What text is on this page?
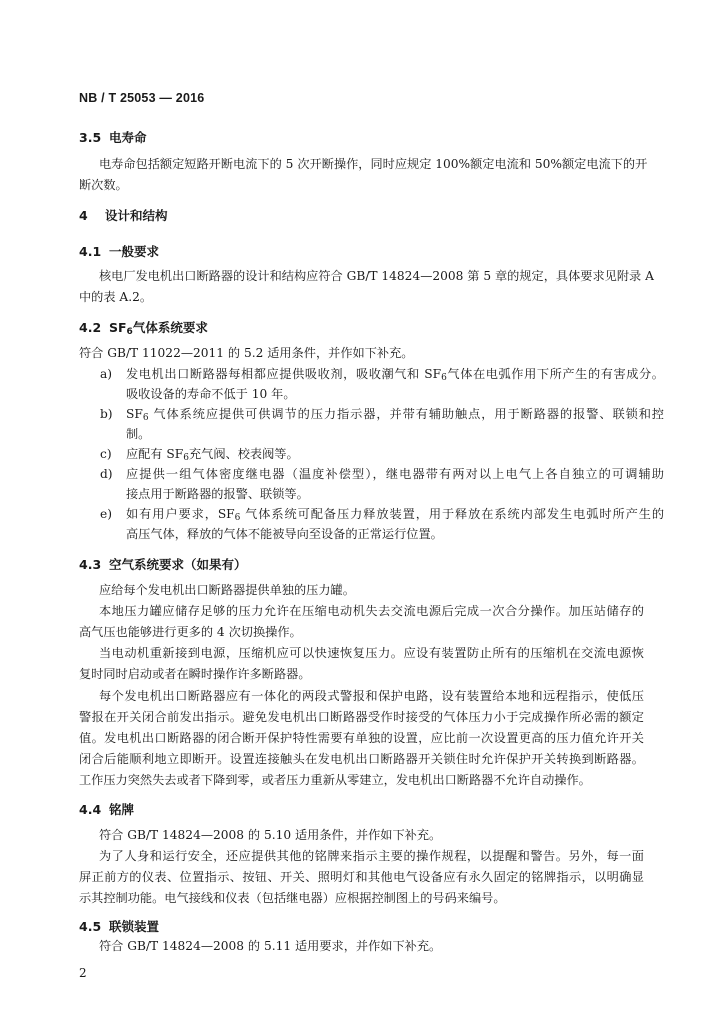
NB / T 25053 — 2016
3.5 电寿命
电寿命包括额定短路开断电流下的 5 次开断操作，同时应规定 100%额定电流和 50%额定电流下的开
断次数。
4 设计和结构
4.1 一般要求
核电厂发电机出口断路器的设计和结构应符合 GB/T 14824—2008 第 5 章的规定，具体要求见附录 A
中的表 A.2。
4.2 $SF_6$气体系统要求
符合 GB/T 11022—2011 的 5.2 适用条件，并作如下补充。
a) 发电机出口断路器每相都应提供吸收剂，吸收潮气和 $SF_6$气体在电弧作用下所产生的有害成分。
吸收设备的寿命不低于 10 年。
b) $SF_6$ 气体系统应提供可供调节的压力指示器，并带有辅助触点，用于断路器的报警、联锁和控
制。
c) 应配有 $SF_6$充气阀、校表阀等。
d) 应提供一组气体密度继电器（温度补偿型），继电器带有两对以上电气上各自独立的可调辅助
接点用于断路器的报警、联锁等。
e) 如有用户要求，$SF_6$ 气体系统可配备压力释放装置，用于释放在系统内部发生电弧时所产生的
高压气体，释放的气体不能被导向至设备的正常运行位置。
4.3 空气系统要求（如果有）
应给每个发电机出口断路器提供单独的压力罐。
本地压力罐应储存足够的压力允许在压缩电动机失去交流电源后完成一次合分操作。加压站储存的
高气压也能够进行更多的 4 次切换操作。
当电动机重新接到电源，压缩机应可以快速恢复压力。应设有装置防止所有的压缩机在交流电源恢
复时同时启动或者在瞬时操作许多断路器。
每个发电机出口断路器应有一体化的两段式警报和保护电路，设有装置给本地和远程指示，使低压
警报在开关闭合前发出指示。避免发电机出口断路器受作时接受的气体压力小于完成操作所必需的额定
值。发电机出口断路器的闭合断开保护特性需要有单独的设置，应比前一次设置更高的压力值允许开关
闭合后能顺利地立即断开。设置连接触头在发电机出口断路器开关锁住时允许保护开关转换到断路器。
工作压力突然失去或者下降到零，或者压力重新从零建立，发电机出口断路器不允许自动操作。
4.4 铭牌
符合 GB/T 14824—2008 的 5.10 适用条件，并作如下补充。
为了人身和运行安全，还应提供其他的铭牌来指示主要的操作规程，以提醒和警告。另外，每一面
屏正前方的仪表、位置指示、按钮、开关、照明灯和其他电气设备应有永久固定的铭牌指示，以明确显
示其控制功能。电气接线和仪表（包括继电器）应根据控制图上的号码来编号。
4.5 联锁装置
符合 GB/T 14824—2008 的 5.11 适用要求，并作如下补充。
2
